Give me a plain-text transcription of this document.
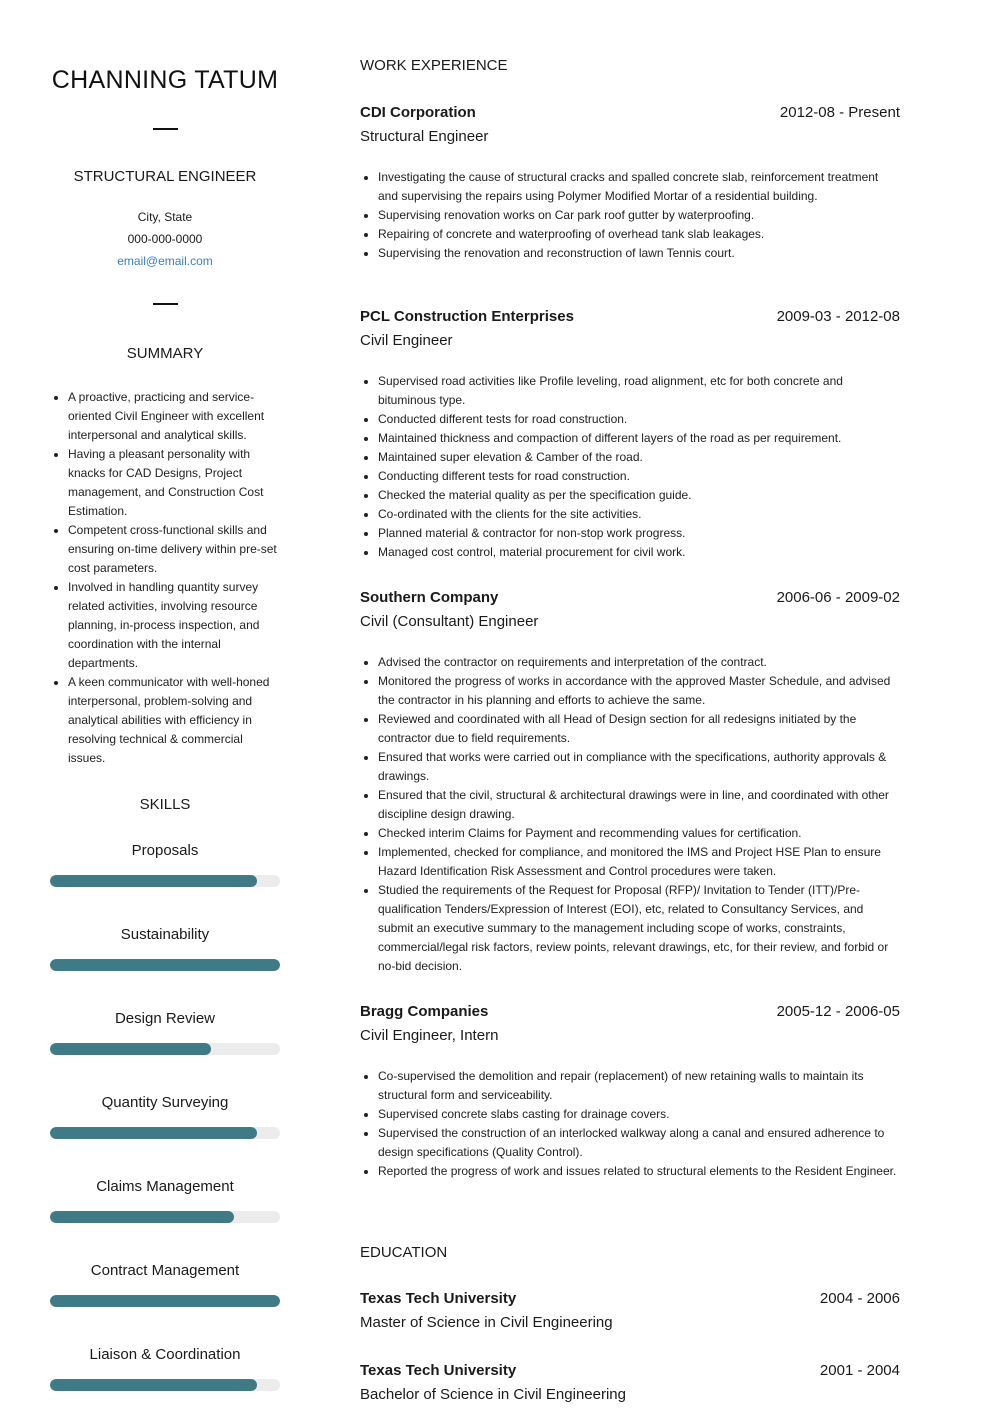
CHANNING TATUM
STRUCTURAL ENGINEER
City, State
000-000-0000
email@email.com
SUMMARY
• A proactive, practicing and service-oriented Civil Engineer with excellent interpersonal and analytical skills.
• Having a pleasant personality with knacks for CAD Designs, Project management, and Construction Cost Estimation.
• Competent cross-functional skills and ensuring on-time delivery within pre-set cost parameters.
• Involved in handling quantity survey related activities, involving resource planning, in-process inspection, and coordination with the internal departments.
• A keen communicator with well-honed interpersonal, problem-solving and analytical abilities with efficiency in resolving technical & commercial issues.
SKILLS
Proposals
Sustainability
Design Review
Quantity Surveying
Claims Management
Contract Management
Liaison & Coordination
WORK EXPERIENCE
CDI Corporation	2012-08 - Present
Structural Engineer
• Investigating the cause of structural cracks and spalled concrete slab, reinforcement treatment and supervising the repairs using Polymer Modified Mortar of a residential building.
• Supervising renovation works on Car park roof gutter by waterproofing.
• Repairing of concrete and waterproofing of overhead tank slab leakages.
• Supervising the renovation and reconstruction of lawn Tennis court.
PCL Construction Enterprises	2009-03 - 2012-08
Civil Engineer
• Supervised road activities like Profile leveling, road alignment, etc for both concrete and bituminous type.
• Conducted different tests for road construction.
• Maintained thickness and compaction of different layers of the road as per requirement.
• Maintained super elevation & Camber of the road.
• Conducting different tests for road construction.
• Checked the material quality as per the specification guide.
• Co-ordinated with the clients for the site activities.
• Planned material & contractor for non-stop work progress.
• Managed cost control, material procurement for civil work.
Southern Company	2006-06 - 2009-02
Civil (Consultant) Engineer
• Advised the contractor on requirements and interpretation of the contract.
• Monitored the progress of works in accordance with the approved Master Schedule, and advised the contractor in his planning and efforts to achieve the same.
• Reviewed and coordinated with all Head of Design section for all redesigns initiated by the contractor due to field requirements.
• Ensured that works were carried out in compliance with the specifications, authority approvals & drawings.
• Ensured that the civil, structural & architectural drawings were in line, and coordinated with other discipline design drawing.
• Checked interim Claims for Payment and recommending values for certification.
• Implemented, checked for compliance, and monitored the IMS and Project HSE Plan to ensure Hazard Identification Risk Assessment and Control procedures were taken.
• Studied the requirements of the Request for Proposal (RFP)/ Invitation to Tender (ITT)/Pre-qualification Tenders/Expression of Interest (EOI), etc, related to Consultancy Services, and submit an executive summary to the management including scope of works, constraints, commercial/legal risk factors, review points, relevant drawings, etc, for their review, and forbid or no-bid decision.
Bragg Companies	2005-12 - 2006-05
Civil Engineer, Intern
• Co-supervised the demolition and repair (replacement) of new retaining walls to maintain its structural form and serviceability.
• Supervised concrete slabs casting for drainage covers.
• Supervised the construction of an interlocked walkway along a canal and ensured adherence to design specifications (Quality Control).
• Reported the progress of work and issues related to structural elements to the Resident Engineer.
EDUCATION
Texas Tech University	2004 - 2006
Master of Science in Civil Engineering
Texas Tech University	2001 - 2004
Bachelor of Science in Civil Engineering
